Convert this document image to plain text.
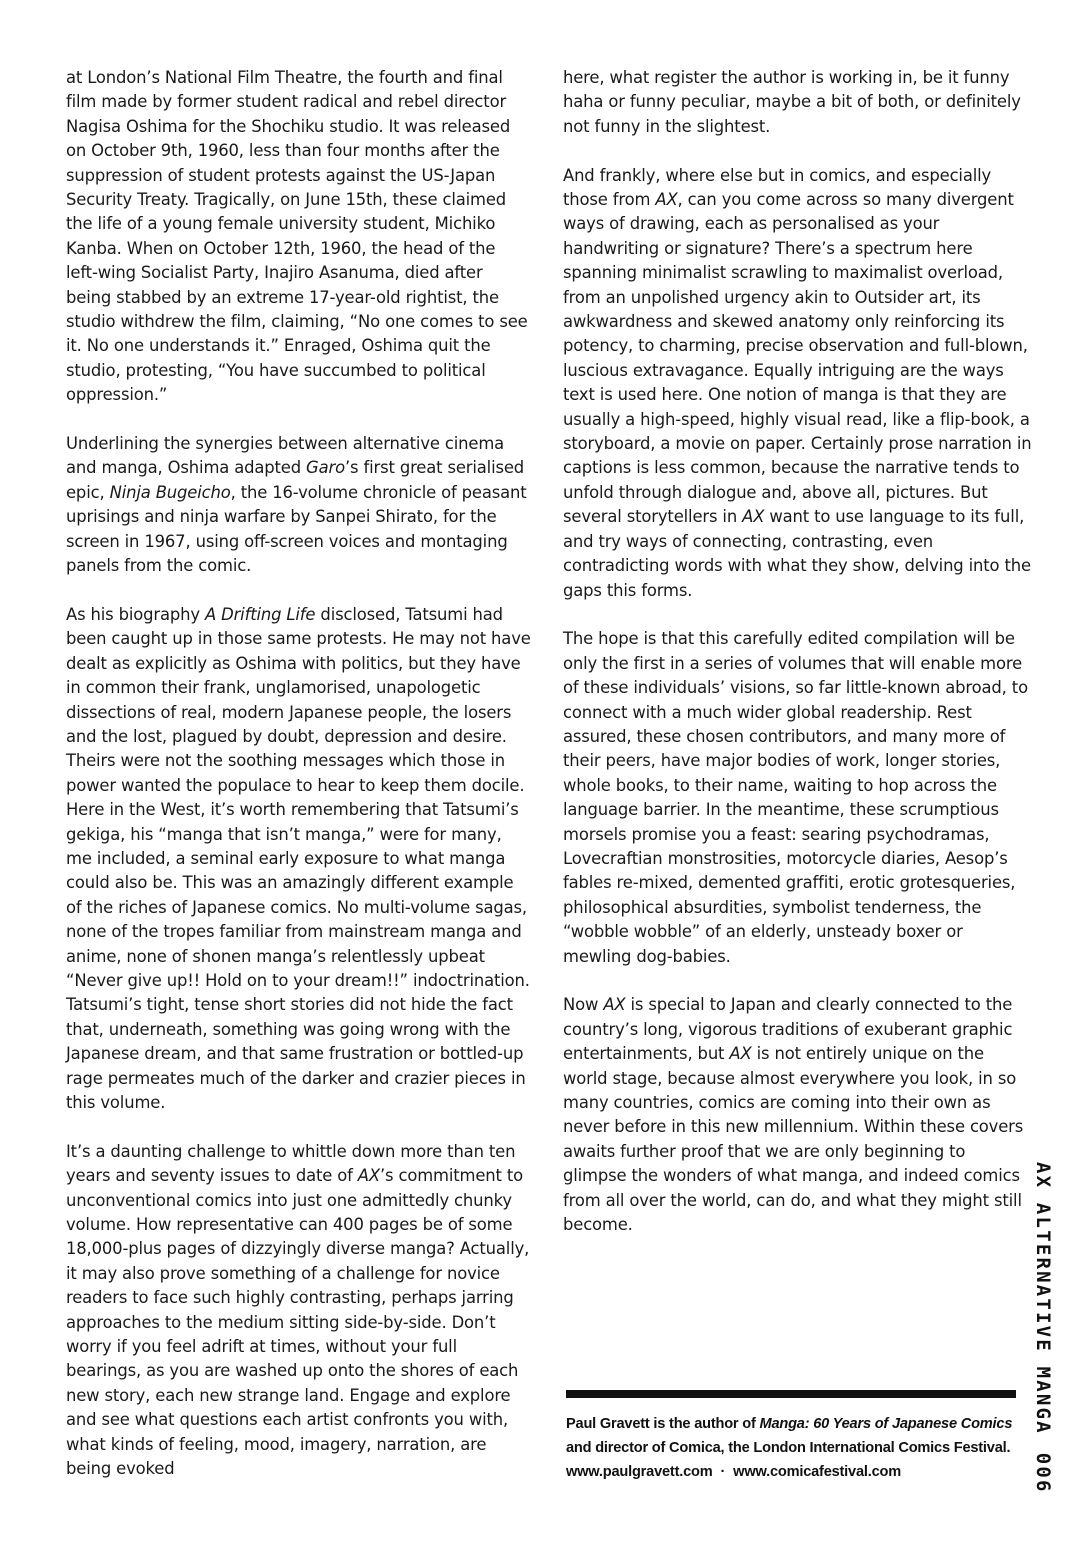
at London’s National Film Theatre, the fourth and final film made by former student radical and rebel director Nagisa Oshima for the Shochiku studio. It was released on October 9th, 1960, less than four months after the suppression of student protests against the US-Japan Security Treaty. Tragically, on June 15th, these claimed the life of a young female university student, Michiko Kanba. When on October 12th, 1960, the head of the left-wing Socialist Party, Inajiro Asanuma, died after being stabbed by an extreme 17-year-old rightist, the studio withdrew the film, claiming, “No one comes to see it. No one understands it.” Enraged, Oshima quit the studio, protesting, “You have succumbed to political oppression.”

Underlining the synergies between alternative cinema and manga, Oshima adapted Garo’s first great serialised epic, Ninja Bugeicho, the 16-volume chronicle of peasant uprisings and ninja warfare by Sanpei Shirato, for the screen in 1967, using off-screen voices and montaging panels from the comic.

As his biography A Drifting Life disclosed, Tatsumi had been caught up in those same protests. He may not have dealt as explicitly as Oshima with politics, but they have in common their frank, unglamorised, unapologetic dissections of real, modern Japanese people, the losers and the lost, plagued by doubt, depression and desire. Theirs were not the soothing messages which those in power wanted the populace to hear to keep them docile. Here in the West, it’s worth remembering that Tatsumi’s gekiga, his “manga that isn’t manga,” were for many, me included, a seminal early exposure to what manga could also be. This was an amazingly different example of the riches of Japanese comics. No multi-volume sagas, none of the tropes familiar from mainstream manga and anime, none of shonen manga’s relentlessly upbeat “Never give up!! Hold on to your dream!!” indoctrination. Tatsumi’s tight, tense short stories did not hide the fact that, underneath, something was going wrong with the Japanese dream, and that same frustration or bottled-up rage permeates much of the darker and crazier pieces in this volume.

It’s a daunting challenge to whittle down more than ten years and seventy issues to date of AX’s commitment to unconventional comics into just one admittedly chunky volume. How representative can 400 pages be of some 18,000-plus pages of dizzyingly diverse manga? Actually, it may also prove something of a challenge for novice readers to face such highly contrasting, perhaps jarring approaches to the medium sitting side-by-side. Don’t worry if you feel adrift at times, without your full bearings, as you are washed up onto the shores of each new story, each new strange land. Engage and explore and see what questions each artist confronts you with, what kinds of feeling, mood, imagery, narration, are being evoked

here, what register the author is working in, be it funny haha or funny peculiar, maybe a bit of both, or definitely not funny in the slightest.

And frankly, where else but in comics, and especially those from AX, can you come across so many divergent ways of drawing, each as personalised as your handwriting or signature? There’s a spectrum here spanning minimalist scrawling to maximalist overload, from an unpolished urgency akin to Outsider art, its awkwardness and skewed anatomy only reinforcing its potency, to charming, precise observation and full-blown, luscious extravagance. Equally intriguing are the ways text is used here. One notion of manga is that they are usually a high-speed, highly visual read, like a flip-book, a storyboard, a movie on paper. Certainly prose narration in captions is less common, because the narrative tends to unfold through dialogue and, above all, pictures. But several storytellers in AX want to use language to its full, and try ways of connecting, contrasting, even contradicting words with what they show, delving into the gaps this forms.

The hope is that this carefully edited compilation will be only the first in a series of volumes that will enable more of these individuals’ visions, so far little-known abroad, to connect with a much wider global readership. Rest assured, these chosen contributors, and many more of their peers, have major bodies of work, longer stories, whole books, to their name, waiting to hop across the language barrier. In the meantime, these scrumptious morsels promise you a feast: searing psychodramas, Lovecraftian monstrosities, motorcycle diaries, Aesop’s fables re-mixed, demented graffiti, erotic grotesqueries, philosophical absurdities, symbolist tenderness, the “wobble wobble” of an elderly, unsteady boxer or mewling dog-babies.

Now AX is special to Japan and clearly connected to the country’s long, vigorous traditions of exuberant graphic entertainments, but AX is not entirely unique on the world stage, because almost everywhere you look, in so many countries, comics are coming into their own as never before in this new millennium. Within these covers awaits further proof that we are only beginning to glimpse the wonders of what manga, and indeed comics from all over the world, can do, and what they might still become.

Paul Gravett is the author of Manga: 60 Years of Japanese Comics
and director of Comica, the London International Comics Festival.
www.paulgravett.com · www.comicafestival.com
AX ALTERNATIVE MANGA006
